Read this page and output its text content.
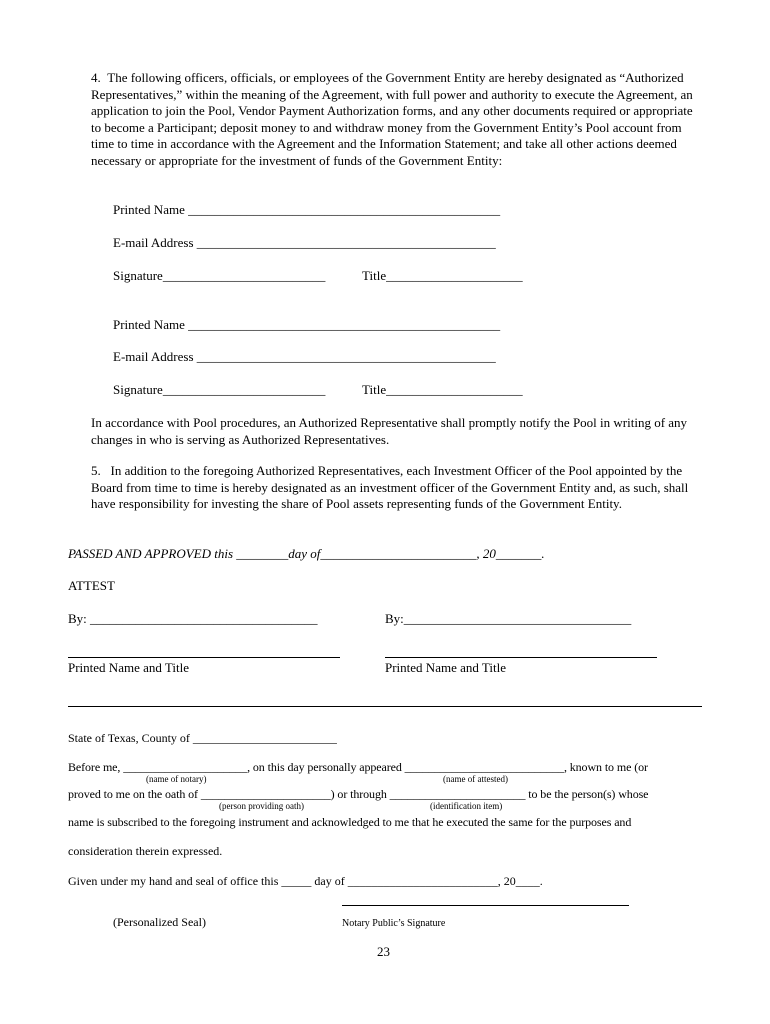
4.  The following officers, officials, or employees of the Government Entity are hereby designated as “Authorized Representatives,” within the meaning of the Agreement, with full power and authority to execute the Agreement, an application to join the Pool, Vendor Payment Authorization forms, and any other documents required or appropriate to become a Participant; deposit money to and withdraw money from the Government Entity’s Pool account from time to time in accordance with the Agreement and the Information Statement; and take all other actions deemed necessary or appropriate for the investment of funds of the Government Entity:
Printed Name ________________________________________________
E-mail Address ______________________________________________
Signature_________________________	Title_____________________
Printed Name ________________________________________________
E-mail Address ______________________________________________
Signature_________________________	Title_____________________
In accordance with Pool procedures, an Authorized Representative shall promptly notify the Pool in writing of any changes in who is serving as Authorized Representatives.
5.   In addition to the foregoing Authorized Representatives, each Investment Officer of the Pool appointed by the Board from time to time is hereby designated as an investment officer of the Government Entity and, as such, shall have responsibility for investing the share of Pool assets representing funds of the Government Entity.
PASSED AND APPROVED this ________day of________________________, 20_______.
ATTEST
By: ___________________________________	By:___________________________________
Printed Name and Title	Printed Name and Title
State of Texas, County of ________________________
Before me, _____________________, on this day personally appeared ___________________________, known to me (or
(name of notary)	(name of attested)
proved to me on the oath of ______________________) or through _______________________ to be the person(s) whose
(person providing oath)	(identification item)
name is subscribed to the foregoing instrument and acknowledged to me that he executed the same for the purposes and
consideration therein expressed.
Given under my hand and seal of office this _____ day of _________________________, 20____.
(Personalized Seal)	Notary Public’s Signature
23
